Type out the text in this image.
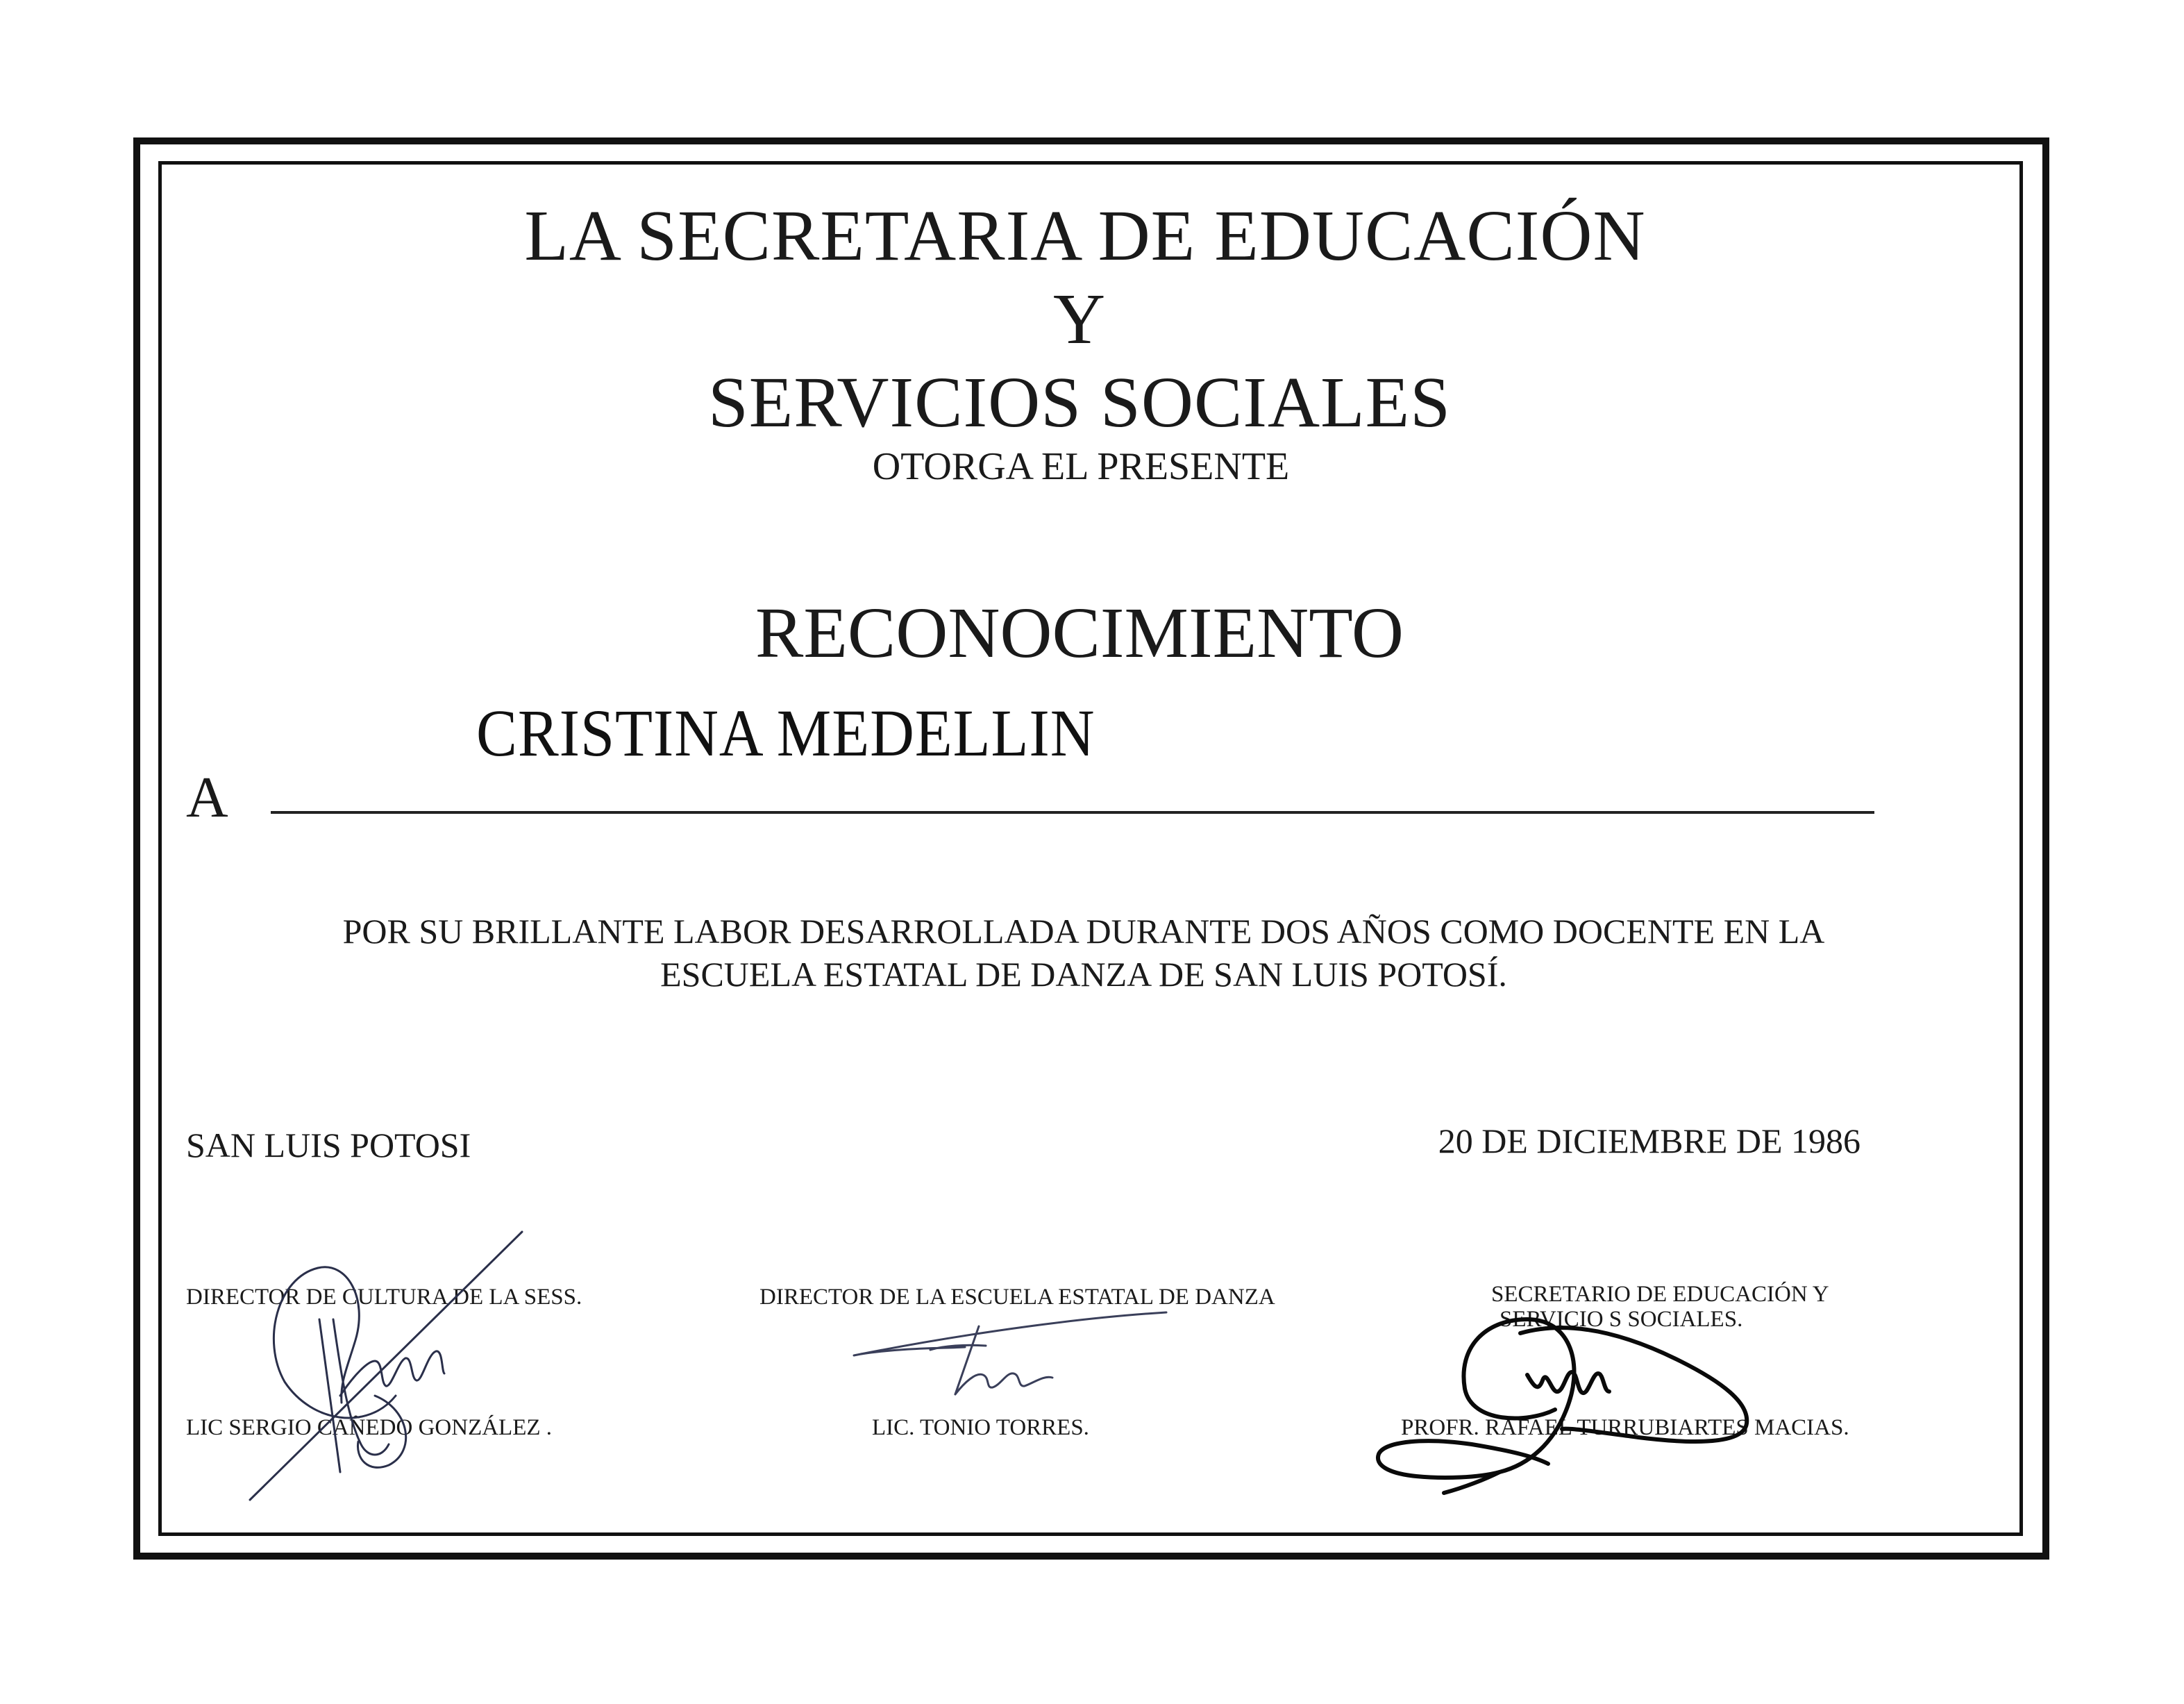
LA SECRETARIA DE EDUCACIÓN

Y

SERVICIOS SOCIALES

OTORGA EL PRESENTE

RECONOCIMIENTO

CRISTINA MEDELLIN

A

POR SU BRILLANTE LABOR DESARROLLADA DURANTE DOS AÑOS COMO DOCENTE EN LA

ESCUELA ESTATAL DE DANZA DE SAN LUIS POTOSÍ.

SAN LUIS POTOSI	20 DE DICIEMBRE DE 1986

DIRECTOR DE CULTURA DE LA SESS.

LIC SERGIO CAÑEDO GONZÁLEZ .

DIRECTOR DE LA ESCUELA ESTATAL DE DANZA

LIC. TONIO TORRES.

SECRETARIO DE EDUCACIÓN Y

SERVICIO S SOCIALES.

PROFR. RAFAEL TURRUBIARTES MACIAS.
